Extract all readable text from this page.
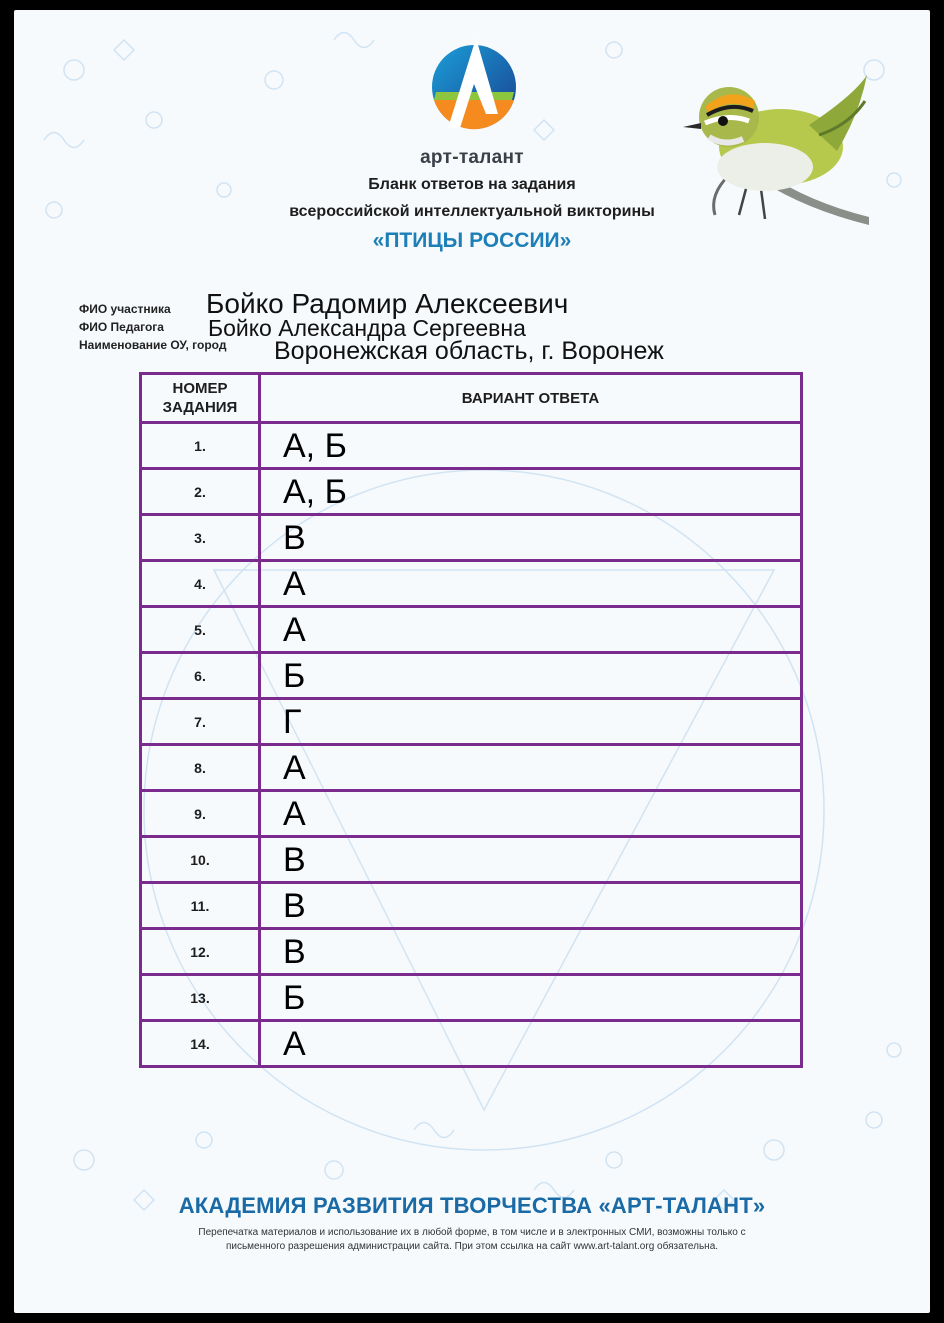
арт-талант
Бланк ответов на задания
всероссийской интеллектуальной викторины
«ПТИЦЫ РОССИИ»
ФИО участника Бойко Радомир Алексеевич
ФИО Педагога Бойко Александра Сергеевна
Наименование ОУ, город Воронежская область, г. Воронеж
НОМЕР
ЗАДАНИЯ	ВАРИАНТ ОТВЕТА
1.	А, Б
2.	А, Б
3.	В
4.	А
5.	А
6.	Б
7.	Г
8.	А
9.	А
10.	В
11.	В
12.	В
13.	Б
14.	А
АКАДЕМИЯ РАЗВИТИЯ ТВОРЧЕСТВА «АРТ-ТАЛАНТ»
Перепечатка материалов и использование их в любой форме, в том числе и в электронных СМИ, возможны только с
письменного разрешения администрации сайта. При этом ссылка на сайт www.art-talant.org обязательна.
